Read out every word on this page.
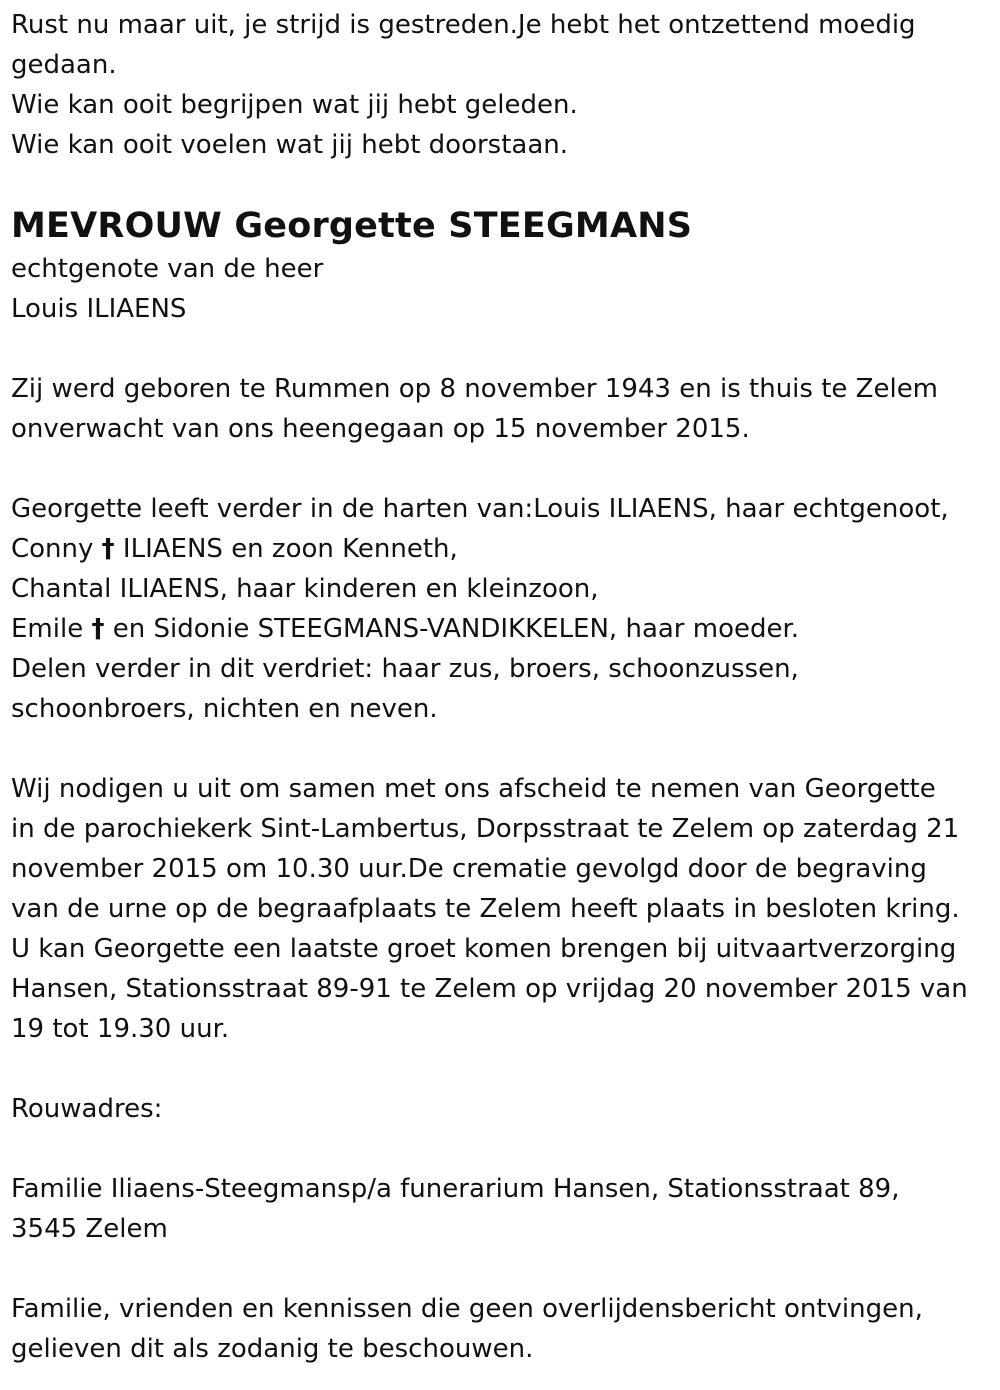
Rust nu maar uit, je strijd is gestreden.Je hebt het ontzettend moedig
gedaan.
Wie kan ooit begrijpen wat jij hebt geleden.
Wie kan ooit voelen wat jij hebt doorstaan.
MEVROUW Georgette STEEGMANS
echtgenote van de heer
Louis ILIAENS
Zij werd geboren te Rummen op 8 november 1943 en is thuis te Zelem
onverwacht van ons heengegaan op 15 november 2015.
Georgette leeft verder in de harten van:Louis ILIAENS, haar echtgenoot,
Conny † ILIAENS en zoon Kenneth,
Chantal ILIAENS, haar kinderen en kleinzoon,
Emile † en Sidonie STEEGMANS-VANDIKKELEN, haar moeder.
Delen verder in dit verdriet: haar zus, broers, schoonzussen,
schoonbroers, nichten en neven.
Wij nodigen u uit om samen met ons afscheid te nemen van Georgette
in de parochiekerk Sint-Lambertus, Dorpsstraat te Zelem op zaterdag 21
november 2015 om 10.30 uur.De crematie gevolgd door de begraving
van de urne op de begraafplaats te Zelem heeft plaats in besloten kring.
U kan Georgette een laatste groet komen brengen bij uitvaartverzorging
Hansen, Stationsstraat 89-91 te Zelem op vrijdag 20 november 2015 van
19 tot 19.30 uur.
Rouwadres:
Familie Iliaens-Steegmansp/a funerarium Hansen, Stationsstraat 89,
3545 Zelem
Familie, vrienden en kennissen die geen overlijdensbericht ontvingen,
gelieven dit als zodanig te beschouwen.
